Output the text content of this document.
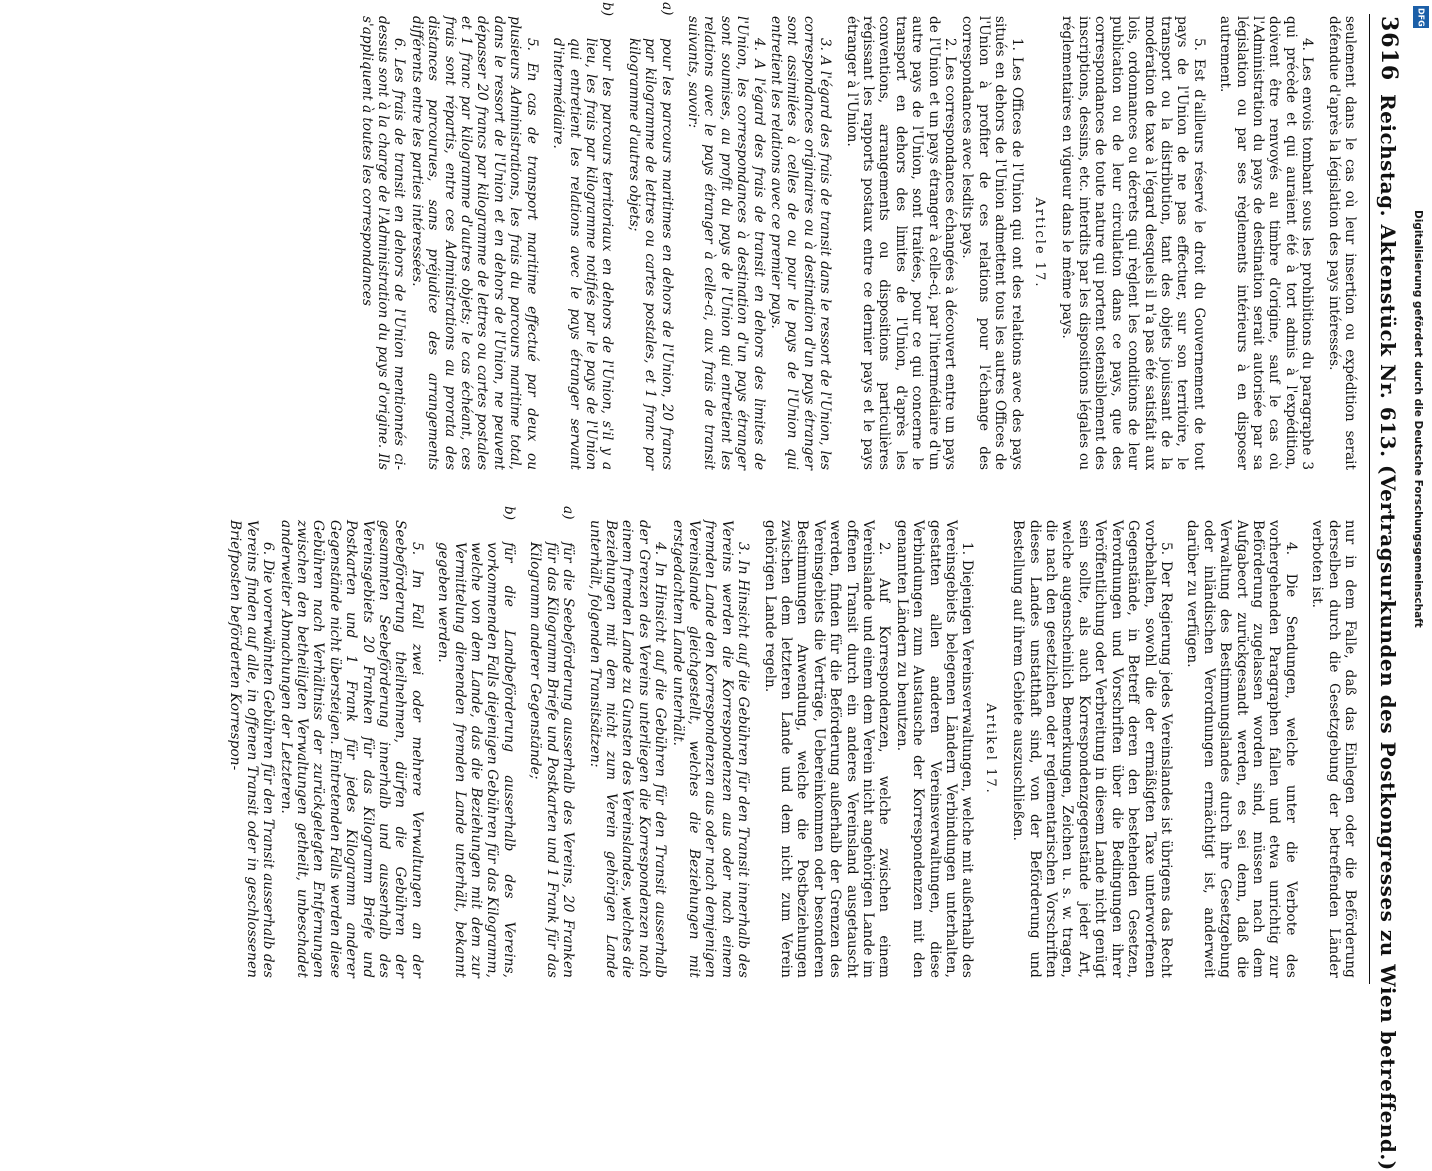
3616
Reichstag. Aktenstück Nr. 613. (Vertragsurkunden des Postkongresses zu Wien betreffend.)

seulement dans le cas où leur insertion ou expédition serait défendue d'après la législation des pays intéressés.

4. Les envois tombant sous les prohibitions du paragraphe 3 qui précède et qui auraient été à tort admis à l'expédition, doivent être renvoyés au timbre d'origine, sauf le cas où l'Administration du pays de destination serait autorisée par sa législation ou par ses règlements intérieurs à en disposer autrement.

5. Est d'ailleurs réservé le droit du Gouvernement de tout pays de l'Union de ne pas effectuer, sur son territoire, le transport ou la distribution, tant des objets jouissant de la modération de taxe à l'égard desquels il n'a pas été satisfait aux lois, ordonnances ou décrets qui règlent les conditions de leur publication ou de leur circulation dans ce pays, que des correspondances de toute nature qui portent ostensiblement des inscriptions, dessins, etc. interdits par les dispositions légales ou réglementaires en vigueur dans le même pays.

Article 17.

1. Les Offices de l'Union qui ont des relations avec des pays situés en dehors de l'Union admettent tous les autres Offices de l'Union à profiter de ces relations pour l'échange des correspondances avec lesdits pays.

2. Les correspondances échangées à découvert entre un pays de l'Union et un pays étranger à celle-ci, par l'intermédiaire d'un autre pays de l'Union, sont traitées, pour ce qui concerne le transport en dehors des limites de l'Union, d'après les conventions, arrangements ou dispositions particulières régissant les rapports postaux entre ce dernier pays et le pays étranger à l'Union.

3. A l'égard des frais de transit dans le ressort de l'Union, les correspondances originaires ou à destination d'un pays étranger sont assimilées à celles de ou pour le pays de l'Union qui entretient les relations avec ce premier pays.

4. A l'égard des frais de transit en dehors des limites de l'Union, les correspondances à destination d'un pays étranger sont soumises, au profit du pays de l'Union qui entretient les relations avec le pays étranger à celle-ci, aux frais de transit suivants, savoir:

a)pour les parcours maritimes en dehors de l'Union, 20 francs par kilogramme de lettres ou cartes postales, et 1 franc par kilogramme d'autres objets;

b)pour les parcours territoriaux en dehors de l'Union, s'il y a lieu, les frais par kilogramme notifiés par le pays de l'Union qui entretient les relations avec le pays étranger servant d'intermédiaire.

5. En cas de transport maritime effectué par deux ou plusieurs Administrations, les frais du parcours maritime total, dans le ressort de l'Union et en dehors de l'Union, ne peuvent dépasser 20 francs par kilogramme de lettres ou cartes postales et 1 franc par kilogramme d'autres objets; le cas échéant, ces frais sont répartis, entre ces Administrations au prorata des distances parcourues, sans préjudice des arrangements différents entre les parties intéressées.

6. Les frais de transit en dehors de l'Union mentionnés ci-dessus sont à la charge de l'Administration du pays d'origine. Ils s'appliquent à toutes les correspondances

nur in dem Falle, daß das Einlegen oder die Beförderung derselben durch die Gesetzgebung der betreffenden Länder verboten ist.

4. Die Sendungen, welche unter die Verbote des vorhergehenden Paragraphen fallen und etwa unrichtig zur Beförderung zugelassen worden sind, müssen nach dem Aufgabeort zurückgesandt werden, es sei denn, daß die Verwaltung des Bestimmungslandes durch ihre Gesetzgebung oder inländischen Verordnungen ermächtigt ist, anderweit darüber zu verfügen.

5. Der Regierung jedes Vereinslandes ist übrigens das Recht vorbehalten, sowohl die der ermäßigten Taxe unterworfenen Gegenstände, in Betreff deren den bestehenden Gesetzen, Verordnungen und Vorschriften über die Bedingungen ihrer Veröffentlichung oder Verbreitung in diesem Lande nicht genügt sein sollte, als auch Korrespondenzgegenstände jeder Art, welche augenscheinlich Bemerkungen, Zeichen u. s. w. tragen, die nach den gesetzlichen oder reglementarischen Vorschriften dieses Landes unstatthaft sind, von der Beförderung und Bestellung auf ihrem Gebiete auszuschließen.

Artikel 17.

1. Diejenigen Vereinsverwaltungen, welche mit außerhalb des Vereinsgebiets belegenen Ländern Verbindungen unterhalten, gestatten allen anderen Vereinsverwaltungen, diese Verbindungen zum Austausche der Korrespondenzen mit den genannten Ländern zu benutzen.

2. Auf Korrespondenzen, welche zwischen einem Vereinslande und einem dem Verein nicht angehörigen Lande im offenen Transit durch ein anderes Vereinsland ausgetauscht werden, finden für die Beförderung außerhalb der Grenzen des Vereinsgebiets die Verträge, Uebereinkommen oder besonderen Bestimmungen Anwendung, welche die Postbeziehungen zwischen dem letzteren Lande und dem nicht zum Verein gehörigen Lande regeln.

3. In Hinsicht auf die Gebühren für den Transit innerhalb des Vereins werden die Korrespondenzen aus oder nach einem fremden Lande den Korrespondenzen aus oder nach demjenigen Vereinslande gleichgestellt, welches die Beziehungen mit erstgedachtem Lande unterhält.

4. In Hinsicht auf die Gebühren für den Transit ausserhalb der Grenzen des Vereins unterliegen die Korrespondenzen nach einem fremden Lande zu Gunsten des Vereinslandes, welches die Beziehungen mit dem nicht zum Verein gehörigen Lande unterhält, folgenden Transitsätzen:

a)für die Seebeförderung ausserhalb des Vereins, 20 Franken für das Kilogramm Briefe und Postkarten und 1 Frank für das Kilogramm anderer Gegenstände;

b)für die Landbeförderung ausserhalb des Vereins, vorkommenden Falls diejenigen Gebühren für das Kilogramm, welche von dem Lande, das die Beziehungen mit dem zur Vermittelung dienenden fremden Lande unterhält, bekannt gegeben werden.

5. Im Fall zwei oder mehrere Verwaltungen an der Seebeförderung theilnehmen, dürfen die Gebühren der gesammten Seebeförderung innerhalb und ausserhalb des Vereinsgebiets 20 Franken für das Kilogramm Briefe und Postkarten und 1 Frank für jedes Kilogramm anderer Gegenstände nicht übersteigen. Eintretenden Falls werden diese Gebühren nach Verhältniss der zurückgelegten Entfernungen zwischen den betheiligten Verwaltungen getheilt, unbeschadet anderweiter Abmachungen der Letzteren.

6. Die vorerwähnten Gebühren für den Transit ausserhalb des Vereins finden auf alle, in offenen Transit oder in geschlossenen Briefposten beförderten Korrespon-

Digitalisierung gefördert durch die Deutsche Forschungsgemeinschaft
DFG
